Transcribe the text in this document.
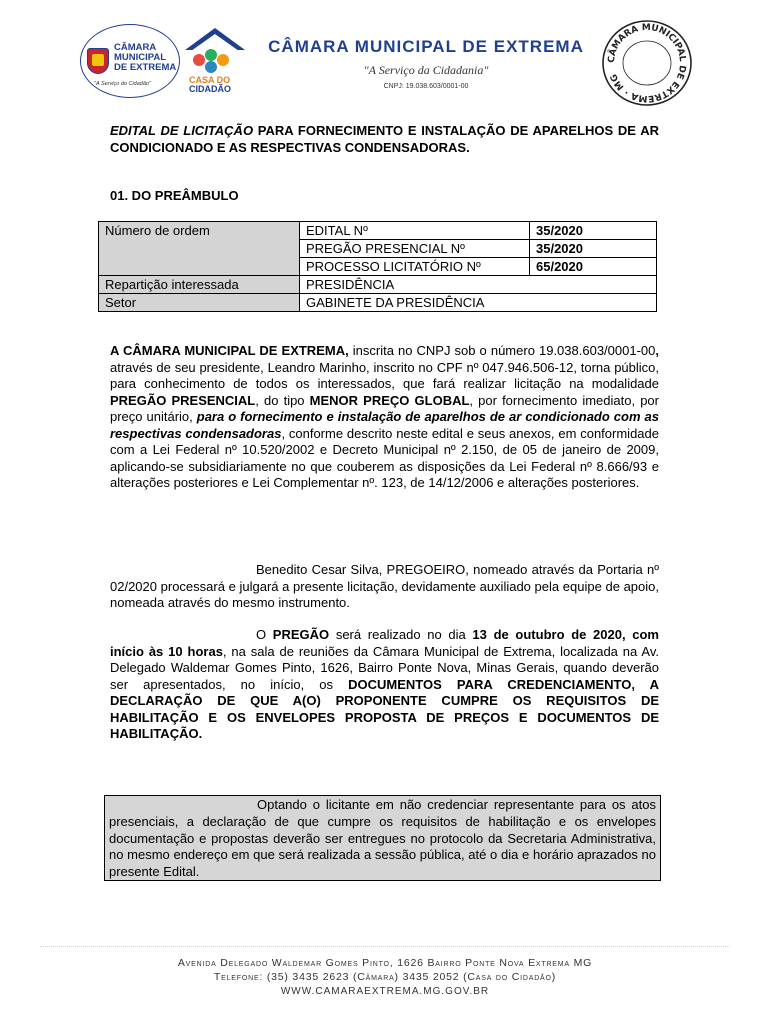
CÂMARA MUNICIPAL DE EXTREMA
"A Serviço do Cidadão"	CASA DO
CIDADÃO
CÂMARA MUNICIPAL DE EXTREMA
"A Serviço da Cidadania"
CNPJ: 19.038.603/0001-00
CÂMARA MUNICIPAL DE EXTREMA · MG
EDITAL DE LICITAÇÃO PARA FORNECIMENTO E INSTALAÇÃO DE APARELHOS DE AR CONDICIONADO E AS RESPECTIVAS CONDENSADORAS.
01. DO PREÂMBULO
Número de ordem	EDITAL Nº	35/2020
	PREGÃO PRESENCIAL Nº	35/2020
	PROCESSO LICITATÓRIO Nº	65/2020
Repartição interessada	PRESIDÊNCIA	
Setor	GABINETE DA PRESIDÊNCIA	
A CÂMARA MUNICIPAL DE EXTREMA, inscrita no CNPJ sob o número 19.038.603/0001-00, através de seu presidente, Leandro Marinho, inscrito no CPF nº 047.946.506-12, torna público, para conhecimento de todos os interessados, que fará realizar licitação na modalidade PREGÃO PRESENCIAL, do tipo MENOR PREÇO GLOBAL, por fornecimento imediato, por preço unitário, para o fornecimento e instalação de aparelhos de ar condicionado com as respectivas condensadoras, conforme descrito neste edital e seus anexos, em conformidade com a Lei Federal nº 10.520/2002 e Decreto Municipal nº 2.150, de 05 de janeiro de 2009, aplicando-se subsidiariamente no que couberem as disposições da Lei Federal nº 8.666/93 e alterações posteriores e Lei Complementar nº. 123, de 14/12/2006 e alterações posteriores.
Benedito Cesar Silva, PREGOEIRO, nomeado através da Portaria nº 02/2020 processará e julgará a presente licitação, devidamente auxiliado pela equipe de apoio, nomeada através do mesmo instrumento.
O PREGÃO será realizado no dia 13 de outubro de 2020, com início às 10 horas, na sala de reuniões da Câmara Municipal de Extrema, localizada na Av. Delegado Waldemar Gomes Pinto, 1626, Bairro Ponte Nova, Minas Gerais, quando deverão ser apresentados, no início, os DOCUMENTOS PARA CREDENCIAMENTO, A DECLARAÇÃO DE QUE A(O) PROPONENTE CUMPRE OS REQUISITOS DE HABILITAÇÃO E OS ENVELOPES PROPOSTA DE PREÇOS E DOCUMENTOS DE HABILITAÇÃO.
Optando o licitante em não credenciar representante para os atos presenciais, a declaração de que cumpre os requisitos de habilitação e os envelopes documentação e propostas deverão ser entregues no protocolo da Secretaria Administrativa, no mesmo endereço em que será realizada a sessão pública, até o dia e horário aprazados no presente Edital.
Avenida Delegado Waldemar Gomes Pinto, 1626 Bairro Ponte Nova Extrema MG
Telefone: (35) 3435 2623 (Câmara) 3435 2052 (Casa do Cidadão)
WWW.CAMARAEXTREMA.MG.GOV.BR
